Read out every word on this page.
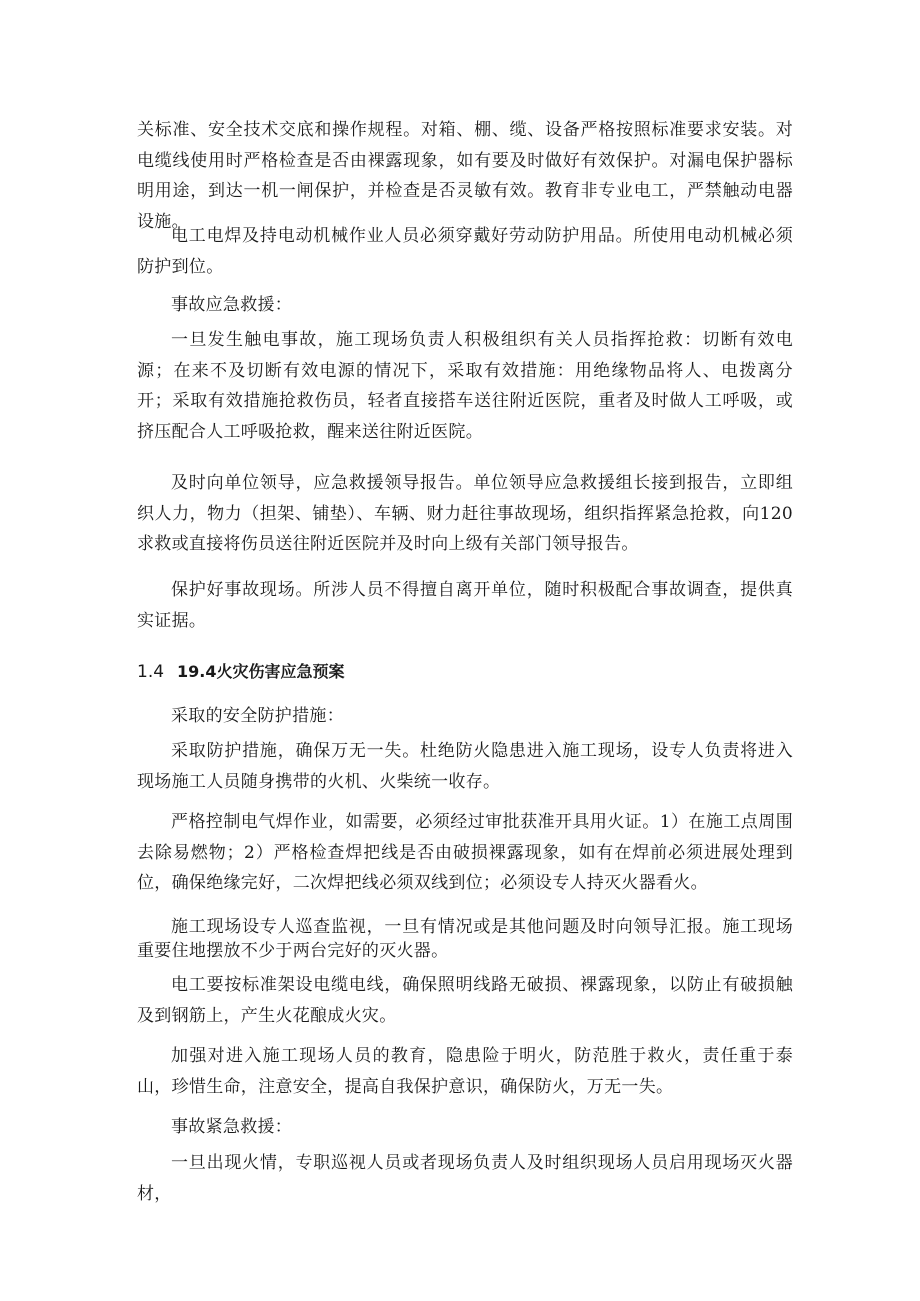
关标准、安全技术交底和操作规程。对箱、棚、缆、设备严格按照标准要求安装。对电缆线使用时严格检查是否由裸露现象，如有要及时做好有效保护。对漏电保护器标明用途，到达一机一闸保护，并检查是否灵敏有效。教育非专业电工，严禁触动电器设施。

电工电焊及持电动机械作业人员必须穿戴好劳动防护用品。所使用电动机械必须防护到位。

事故应急救援：

一旦发生触电事故，施工现场负责人积极组织有关人员指挥抢救：切断有效电源；在来不及切断有效电源的情况下，采取有效措施：用绝缘物品将人、电拨离分开；采取有效措施抢救伤员，轻者直接搭车送往附近医院，重者及时做人工呼吸，或挤压配合人工呼吸抢救，醒来送往附近医院。

及时向单位领导，应急救援领导报告。单位领导应急救援组长接到报告，立即组织人力，物力（担架、铺垫）、车辆、财力赶往事故现场，组织指挥紧急抢救，向120求救或直接将伤员送往附近医院并及时向上级有关部门领导报告。

保护好事故现场。所涉人员不得擅自离开单位，随时积极配合事故调查，提供真实证据。

1.4 19.4火灾伤害应急预案

采取的安全防护措施：

采取防护措施，确保万无一失。杜绝防火隐患进入施工现场，设专人负责将进入现场施工人员随身携带的火机、火柴统一收存。

严格控制电气焊作业，如需要，必须经过审批获准开具用火证。1）在施工点周围去除易燃物；2）严格检查焊把线是否由破损裸露现象，如有在焊前必须进展处理到位，确保绝缘完好，二次焊把线必须双线到位；必须设专人持灭火器看火。

施工现场设专人巡查监视，一旦有情况或是其他问题及时向领导汇报。施工现场重要住地摆放不少于两台完好的灭火器。

电工要按标准架设电缆电线，确保照明线路无破损、裸露现象，以防止有破损触及到钢筋上，产生火花酿成火灾。

加强对进入施工现场人员的教育，隐患险于明火，防范胜于救火，责任重于泰山，珍惜生命，注意安全，提高自我保护意识，确保防火，万无一失。

事故紧急救援：

一旦出现火情，专职巡视人员或者现场负责人及时组织现场人员启用现场灭火器材，
